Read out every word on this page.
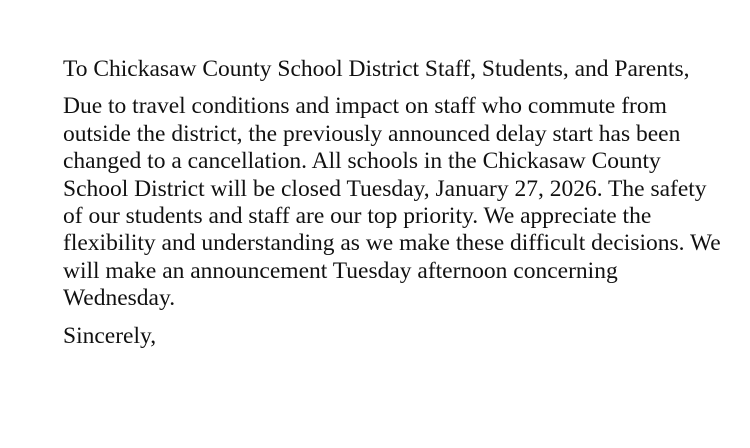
To Chickasaw County School District Staff, Students, and Parents,

Due to travel conditions and impact on staff who commute from outside the district, the previously announced delay start has been changed to a cancellation. All schools in the Chickasaw County School District will be closed Tuesday, January 27, 2026. The safety of our students and staff are our top priority. We appreciate the flexibility and understanding as we make these difficult decisions. We will make an announcement Tuesday afternoon concerning Wednesday.

Sincerely,
